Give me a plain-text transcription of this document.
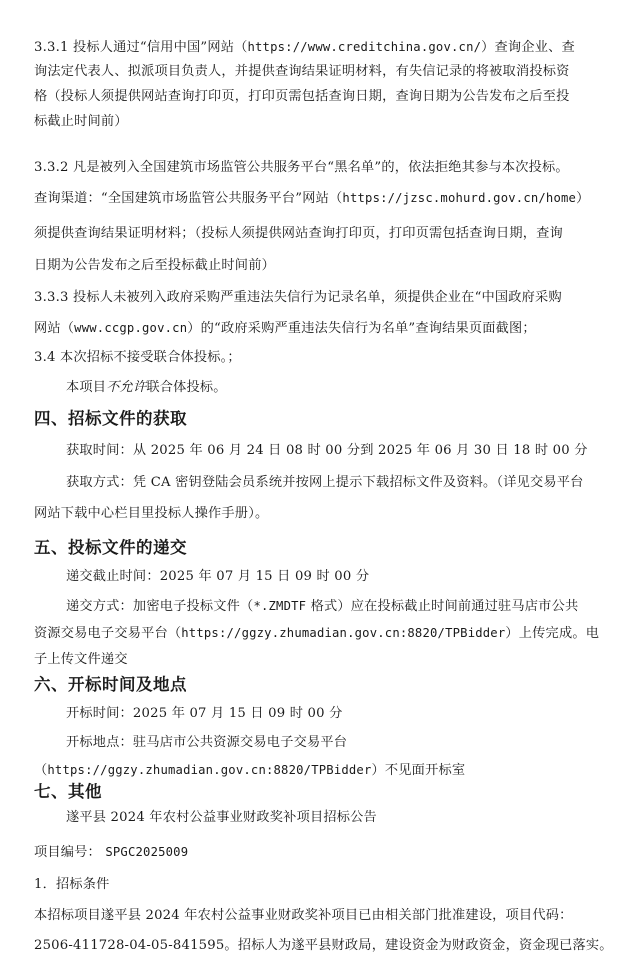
3.3.1 投标人通过“信用中国”网站（https://www.creditchina.gov.cn/）查询企业、查
询法定代表人、拟派项目负责人，并提供查询结果证明材料，有失信记录的将被取消投标资
格（投标人须提供网站查询打印页，打印页需包括查询日期，查询日期为公告发布之后至投
标截止时间前）
3.3.2 凡是被列入全国建筑市场监管公共服务平台“黑名单”的，依法拒绝其参与本次投标。
查询渠道：“全国建筑市场监管公共服务平台”网站（https://jzsc.mohurd.gov.cn/home）
须提供查询结果证明材料；（投标人须提供网站查询打印页，打印页需包括查询日期，查询
日期为公告发布之后至投标截止时间前）
3.3.3 投标人未被列入政府采购严重违法失信行为记录名单，须提供企业在“中国政府采购
网站（www.ccgp.gov.cn）的“政府采购严重违法失信行为名单”查询结果页面截图；
3.4 本次招标不接受联合体投标。；
本项目不允许联合体投标。
四、招标文件的获取
获取时间：从 2025 年 06 月 24 日 08 时 00 分到 2025 年 06 月 30 日 18 时 00 分
获取方式：凭 CA 密钥登陆会员系统并按网上提示下载招标文件及资料。（详见交易平台
网站下载中心栏目里投标人操作手册）。
五、投标文件的递交
递交截止时间：2025 年 07 月 15 日 09 时 00 分
递交方式：加密电子投标文件（*.ZMDTF 格式）应在投标截止时间前通过驻马店市公共
资源交易电子交易平台（https://ggzy.zhumadian.gov.cn:8820/TPBidder）上传完成。电
子上传文件递交
六、开标时间及地点
开标时间：2025 年 07 月 15 日 09 时 00 分
开标地点：驻马店市公共资源交易电子交易平台
（https://ggzy.zhumadian.gov.cn:8820/TPBidder）不见面开标室
七、其他
遂平县 2024 年农村公益事业财政奖补项目招标公告
项目编号： SPGC2025009
1．招标条件
本招标项目遂平县 2024 年农村公益事业财政奖补项目已由相关部门批准建设，项目代码：
2506-411728-04-05-841595。招标人为遂平县财政局，建设资金为财政资金，资金现已落实。
